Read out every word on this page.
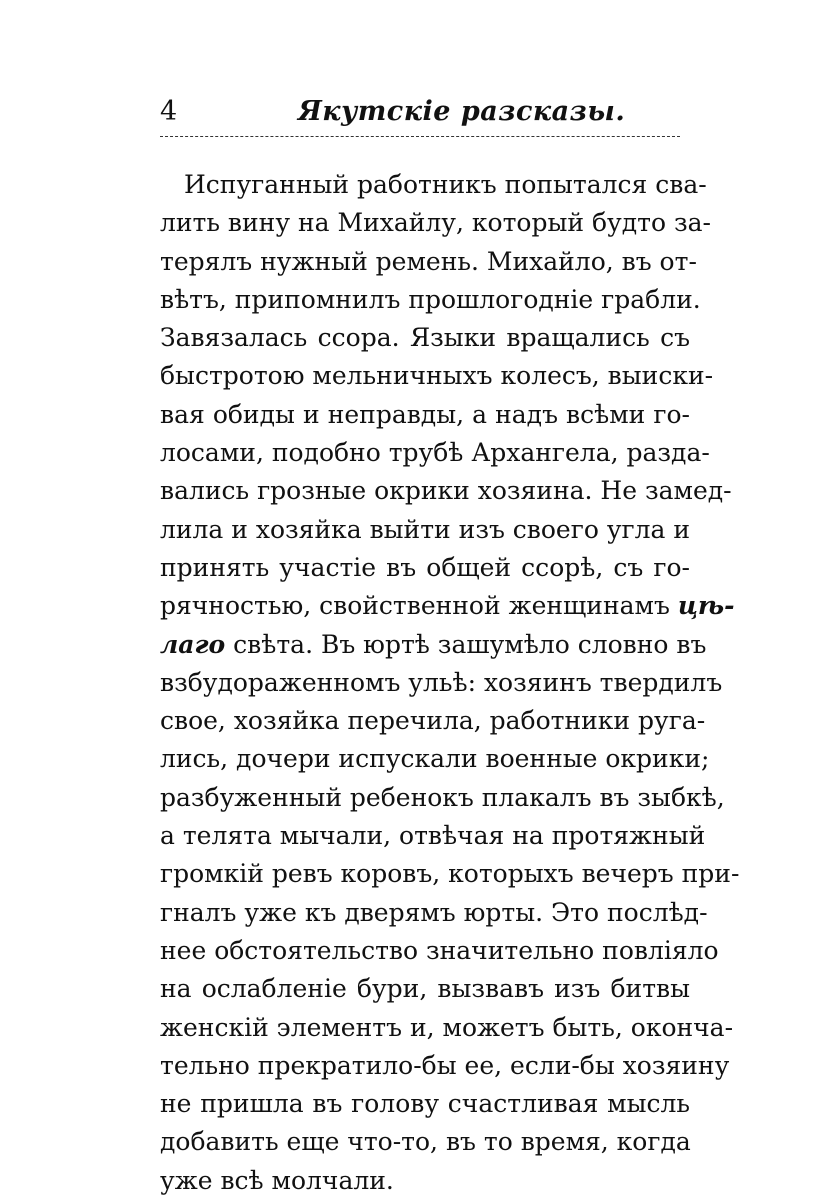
4	Якутскіе разсказы.
Испуганный работникъ попытался сва-
лить вину на Михайлу, который будто за-
терялъ нужный ремень. Михайло, въ от-
вѣтъ, припомнилъ прошлогодніе грабли.
Завязалась ссора. Языки вращались съ
быстротою мельничныхъ колесъ, выиски-
вая обиды и неправды, а надъ всѣми го-
лосами, подобно трубѣ Архангела, разда-
вались грозные окрики хозяина. Не замед-
лила и хозяйка выйти изъ своего угла и
принять участіе въ общей ссорѣ, съ го-
рячностью, свойственной женщинамъ цѣ-
лаго свѣта. Въ юртѣ зашумѣло словно въ
взбудораженномъ ульѣ: хозяинъ твердилъ
свое, хозяйка перечила, работники руга-
лись, дочери испускали военные окрики;
разбуженный ребенокъ плакалъ въ зыбкѣ,
а телята мычали, отвѣчая на протяжный
громкій ревъ коровъ, которыхъ вечеръ при-
гналъ уже къ дверямъ юрты. Это послѣд-
нее обстоятельство значительно повліяло
на ослабленіе бури, вызвавъ изъ битвы
женскій элементъ и, можетъ быть, оконча-
тельно прекратило-бы ее, если-бы хозяину
не пришла въ голову счастливая мысль
добавить еще что-то, въ то время, когда
уже всѣ молчали.
